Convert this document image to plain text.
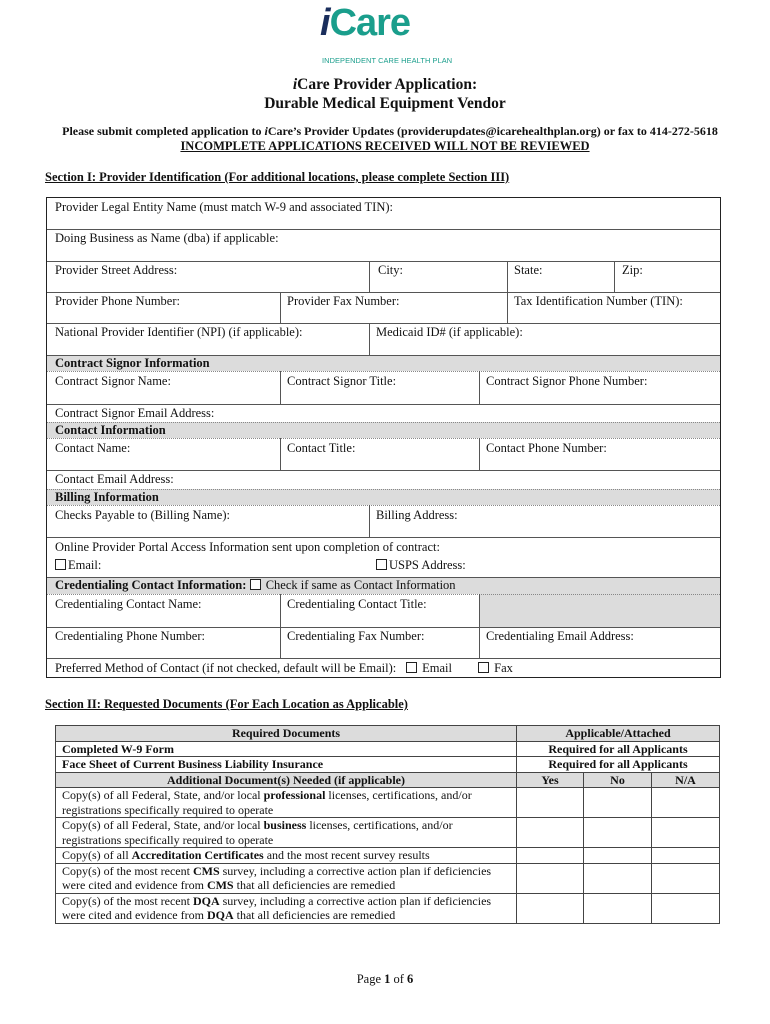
iCare
INDEPENDENT CARE HEALTH PLAN
iCare Provider Application:
Durable Medical Equipment Vendor
Please submit completed application to iCare’s Provider Updates (providerupdates@icarehealthplan.org) or fax to 414-272-5618
INCOMPLETE APPLICATIONS RECEIVED WILL NOT BE REVIEWED
Section I: Provider Identification (For additional locations, please complete Section III)
Provider Legal Entity Name (must match W-9 and associated TIN):
Doing Business as Name (dba) if applicable:
Provider Street Address:	City:	State:	Zip:
Provider Phone Number:	Provider Fax Number:	Tax Identification Number (TIN):
National Provider Identifier (NPI) (if applicable):	Medicaid ID# (if applicable):
Contract Signor Information
Contract Signor Name:	Contract Signor Title:	Contract Signor Phone Number:
Contract Signor Email Address:
Contact Information
Contact Name:	Contact Title:	Contact Phone Number:
Contact Email Address:
Billing Information
Checks Payable to (Billing Name):	Billing Address:
Online Provider Portal Access Information sent upon completion of contract:
Email:	USPS Address:
Credentialing Contact Information: Check if same as Contact Information
Credentialing Contact Name:	Credentialing Contact Title:
Credentialing Phone Number:	Credentialing Fax Number:	Credentialing Email Address:
Preferred Method of Contact (if not checked, default will be Email):	Email	Fax
Section II: Requested Documents (For Each Location as Applicable)
Required Documents	Applicable/Attached		
Completed W-9 Form	Required for all Applicants		
Face Sheet of Current Business Liability Insurance	Required for all Applicants		
Additional Document(s) Needed (if applicable)	Yes	No	N/A
Copy(s) of all Federal, State, and/or local professional licenses, certifications, and/or registrations specifically required to operate			
Copy(s) of all Federal, State, and/or local business licenses, certifications, and/or registrations specifically required to operate			
Copy(s) of all Accreditation Certificates and the most recent survey results			
Copy(s) of the most recent CMS survey, including a corrective action plan if deficiencies were cited and evidence from CMS that all deficiencies are remedied			
Copy(s) of the most recent DQA survey, including a corrective action plan if deficiencies were cited and evidence from DQA that all deficiencies are remedied			
Page 1 of 6
